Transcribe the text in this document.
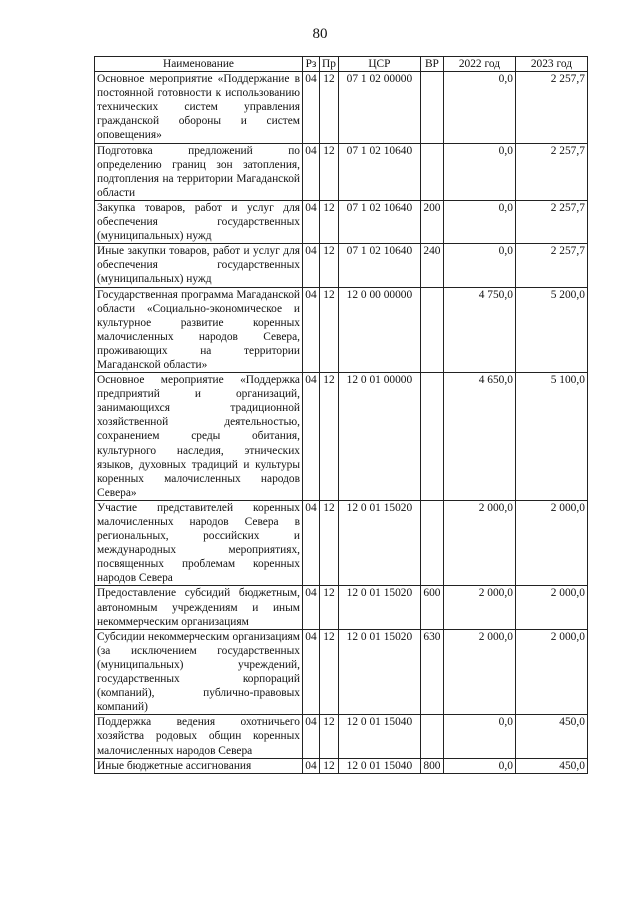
80
Наименование	Рз	Пр	ЦСР	ВР	2022 год	2023 год
Основное мероприятие «Поддержание в постоянной готовности к использованию технических систем управления гражданской обороны и систем оповещения»	04	12	07 1 02 00000		0,0	2 257,7
Подготовка предложений по определению границ зон затопления, подтопления на территории Магаданской области	04	12	07 1 02 10640		0,0	2 257,7
Закупка товаров, работ и услуг для обеспечения государственных (муниципальных) нужд	04	12	07 1 02 10640	200	0,0	2 257,7
Иные закупки товаров, работ и услуг для обеспечения государственных (муниципальных) нужд	04	12	07 1 02 10640	240	0,0	2 257,7
Государственная программа Магаданской области «Социально-экономическое и культурное развитие коренных малочисленных народов Севера, проживающих на территории Магаданской области»	04	12	12 0 00 00000		4 750,0	5 200,0
Основное мероприятие «Поддержка предприятий и организаций, занимающихся традиционной хозяйственной деятельностью, сохранением среды обитания, культурного наследия, этнических языков, духовных традиций и культуры коренных малочисленных народов Севера»	04	12	12 0 01 00000		4 650,0	5 100,0
Участие представителей коренных малочисленных народов Севера в региональных, российских и международных мероприятиях, посвященных проблемам коренных народов Севера	04	12	12 0 01 15020		2 000,0	2 000,0
Предоставление субсидий бюджетным, автономным учреждениям и иным некоммерческим организациям	04	12	12 0 01 15020	600	2 000,0	2 000,0
Субсидии некоммерческим организациям (за исключением государственных (муниципальных) учреждений, государственных корпораций (компаний), публично-правовых компаний)	04	12	12 0 01 15020	630	2 000,0	2 000,0
Поддержка ведения охотничьего хозяйства родовых общин коренных малочисленных народов Севера	04	12	12 0 01 15040		0,0	450,0
Иные бюджетные ассигнования	04	12	12 0 01 15040	800	0,0	450,0
